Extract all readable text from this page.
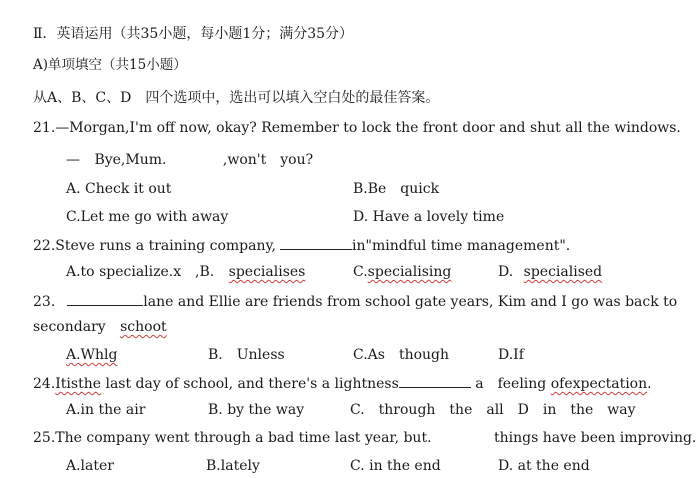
Ⅱ．英语运用（共35小题，每小题1分；满分35分）
A)单项填空（共15小题）
从A、B、C、D　四个选项中，选出可以填入空白处的最佳答案。
21.—Morgan,I'm off now, okay? Remember to lock the front door and shut all the windows.
— Bye,Mum.	,won't　you?
A. Check it out	B.Be　quick
C.Let me go with away	D. Have a lovely time
22.Steve runs a training company,	in"mindful time management".
A.to specialize.x ,B. specialises	C.specialising	D. specialised
23.	lane and Ellie are friends from school gate years, Kim and I go was back to
secondary schoot
A.Whlg	B.　Unless	C.As　though	D.If
24.Itisthe last day of school, and there's a lightness	a　feeling ofexpectation.
A.in the air	B. by the way	C.　through　the　all　D　in　the　way
25.The company went through a bad time last year, but.	things have been improving.
A.later	B.lately	C. in the end	D. at the end
